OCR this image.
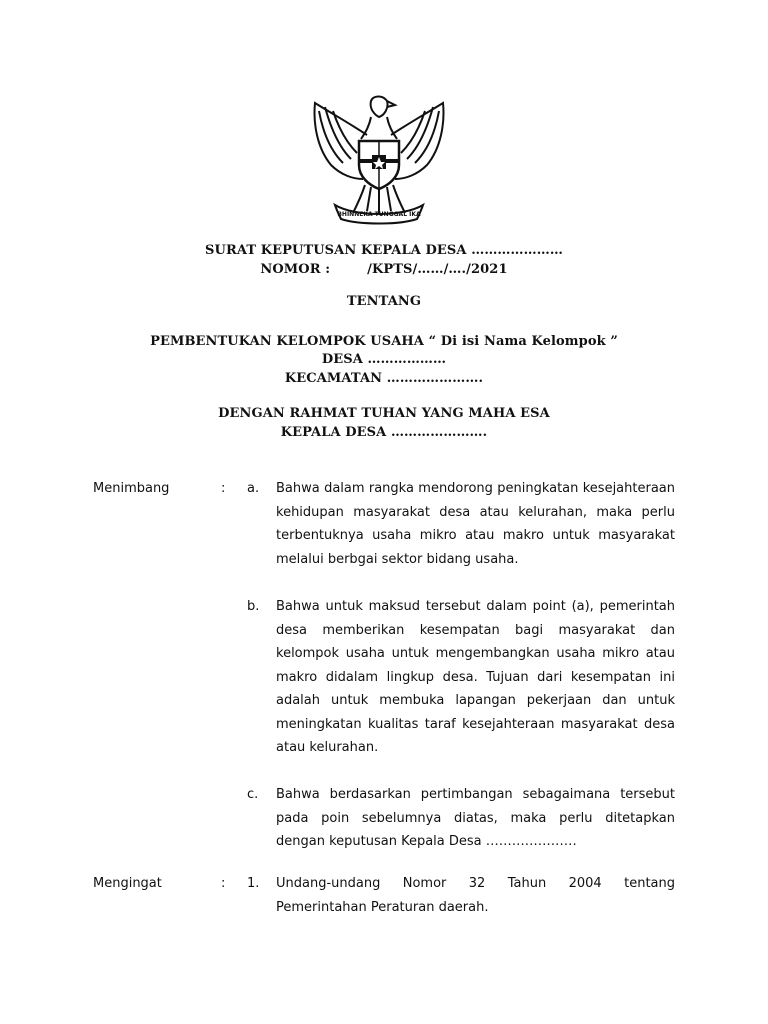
BHINNEKA TUNGGAL IKA
SURAT KEPUTUSAN KEPALA DESA …………………
NOMOR :        /KPTS/……/…./2021
TENTANG
PEMBENTUKAN KELOMPOK USAHA “ Di isi Nama Kelompok ”
DESA ………………
KECAMATAN ………………….
DENGAN RAHMAT TUHAN YANG MAHA ESA
KEPALA DESA ………………….
Menimbang	: a. Bahwa dalam rangka mendorong peningkatan kesejahteraan kehidupan masyarakat desa atau kelurahan, maka perlu terbentuknya usaha mikro atau makro untuk masyarakat melalui berbgai sektor bidang usaha.
b. Bahwa untuk maksud tersebut dalam point (a), pemerintah desa memberikan kesempatan bagi masyarakat dan kelompok usaha untuk mengembangkan usaha mikro atau makro didalam lingkup desa. Tujuan dari kesempatan ini adalah untuk membuka lapangan pekerjaan dan untuk meningkatan kualitas taraf kesejahteraan masyarakat desa atau kelurahan.
c. Bahwa berdasarkan pertimbangan sebagaimana tersebut pada poin sebelumnya diatas, maka perlu ditetapkan dengan keputusan Kepala Desa …………………
Mengingat	: 1. Undang-undang Nomor 32 Tahun 2004 tentang Pemerintahan Peraturan daerah.
